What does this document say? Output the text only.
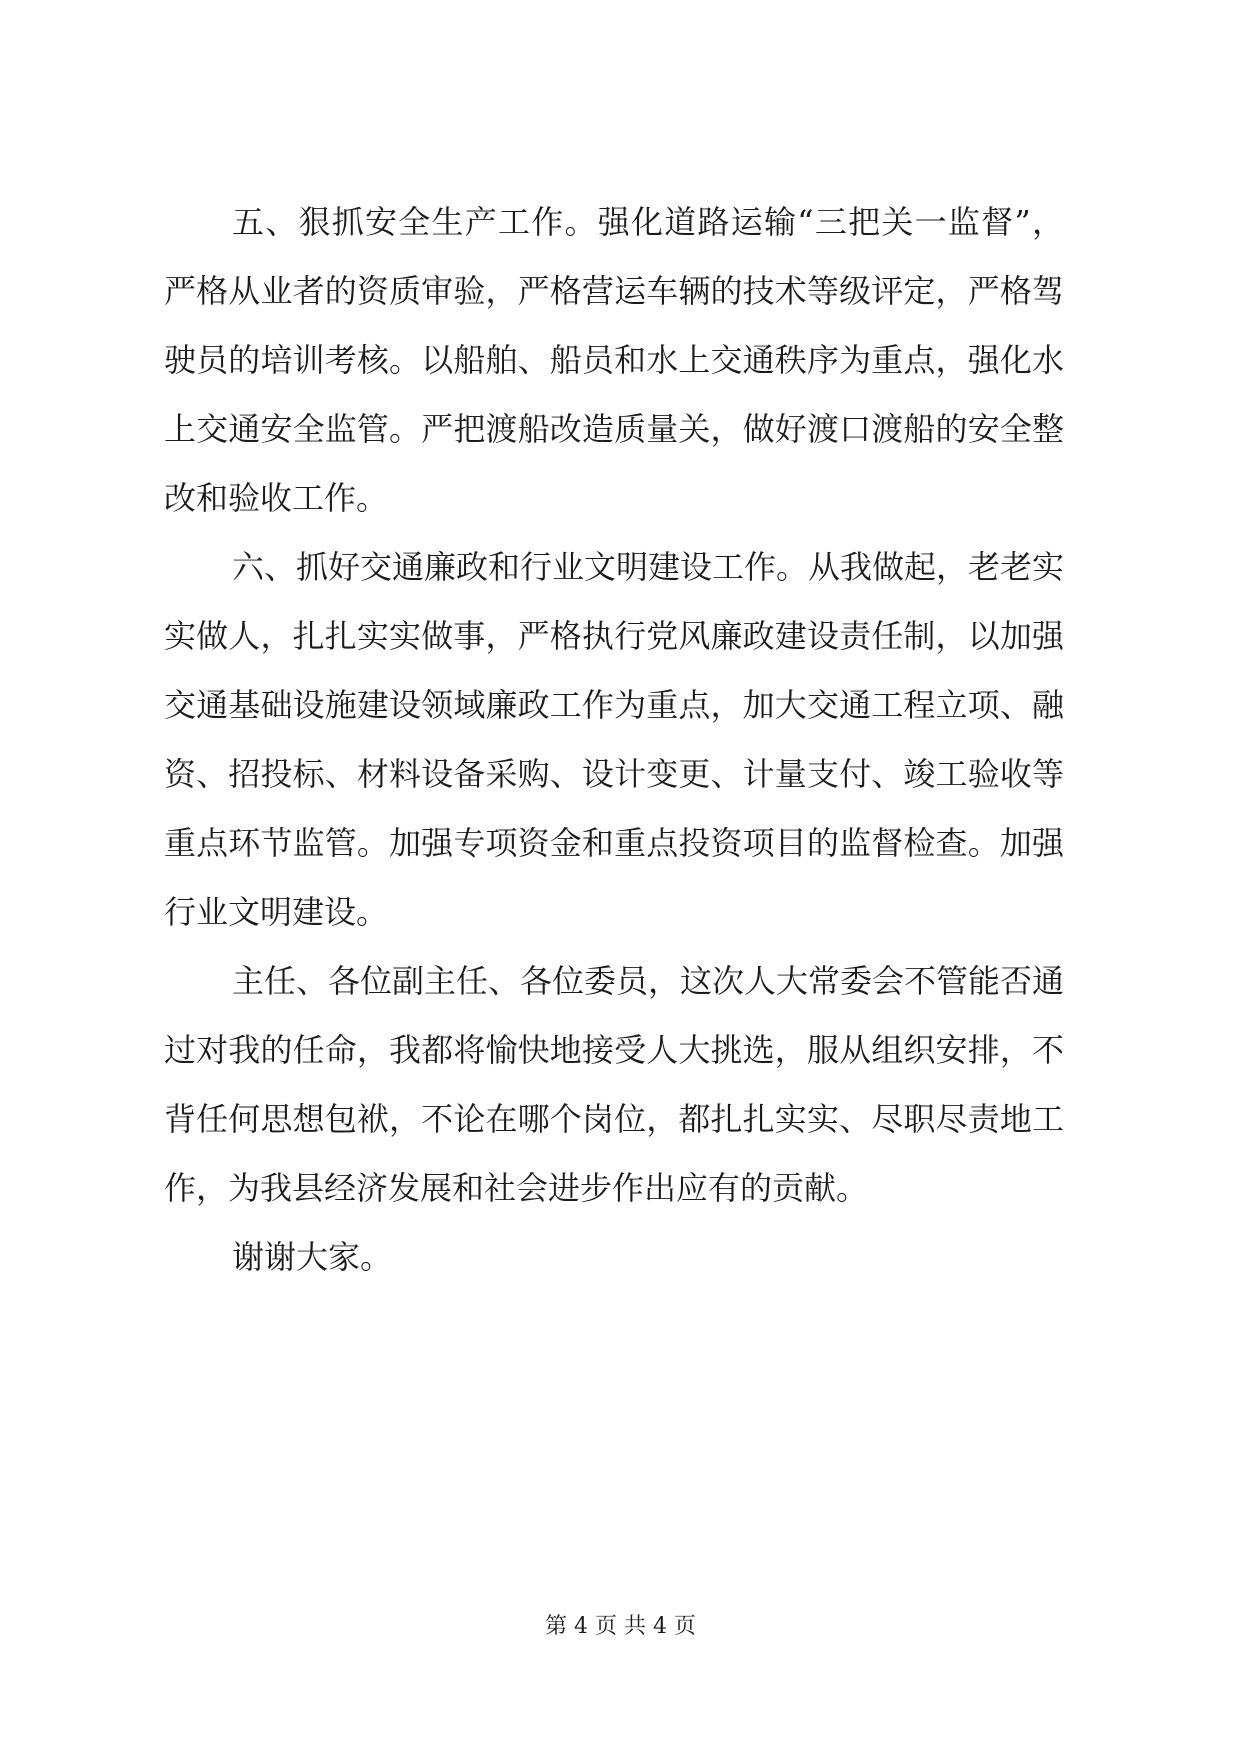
五、狠抓安全生产工作。强化道路运输“三把关一监督”，
严格从业者的资质审验，严格营运车辆的技术等级评定，严格驾
驶员的培训考核。以船舶、船员和水上交通秩序为重点，强化水
上交通安全监管。严把渡船改造质量关，做好渡口渡船的安全整
改和验收工作。
六、抓好交通廉政和行业文明建设工作。从我做起，老老实
实做人，扎扎实实做事，严格执行党风廉政建设责任制，以加强
交通基础设施建设领域廉政工作为重点，加大交通工程立项、融
资、招投标、材料设备采购、设计变更、计量支付、竣工验收等
重点环节监管。加强专项资金和重点投资项目的监督检查。加强
行业文明建设。
主任、各位副主任、各位委员，这次人大常委会不管能否通
过对我的任命，我都将愉快地接受人大挑选，服从组织安排，不
背任何思想包袱，不论在哪个岗位，都扎扎实实、尽职尽责地工
作，为我县经济发展和社会进步作出应有的贡献。
谢谢大家。
第 4 页 共 4 页
